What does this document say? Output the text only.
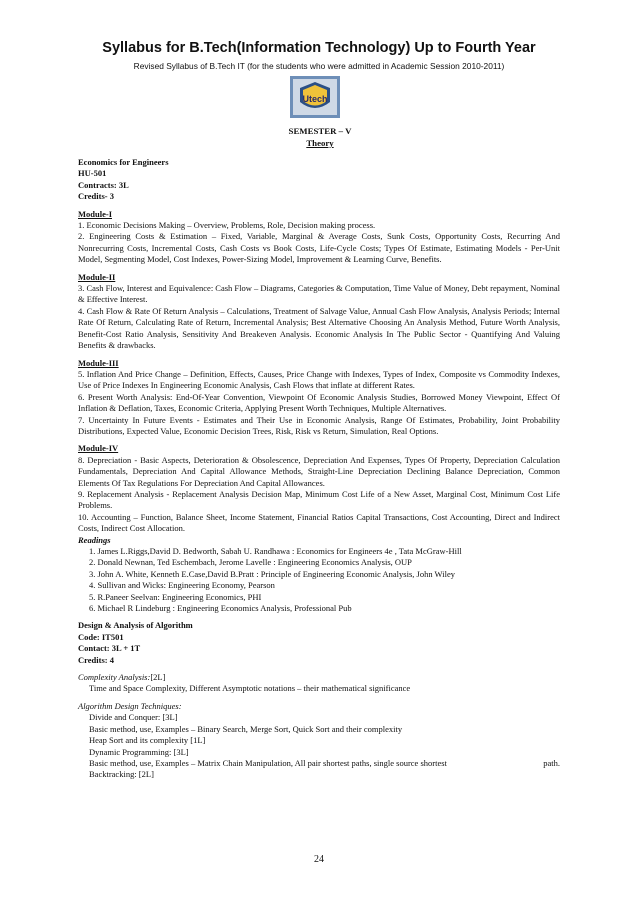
Syllabus for B.Tech(Information Technology) Up to Fourth Year
Revised Syllabus of B.Tech IT (for the students who were admitted in Academic Session 2010-2011)
Utech
SEMESTER – V
Theory
Economics for Engineers
HU-501
Contracts: 3L
Credits- 3
Module-I
1. Economic Decisions Making – Overview, Problems, Role, Decision making process.
2. Engineering Costs & Estimation – Fixed, Variable, Marginal & Average Costs, Sunk Costs, Opportunity Costs, Recurring And Nonrecurring Costs, Incremental Costs, Cash Costs vs Book Costs, Life-Cycle Costs; Types Of Estimate, Estimating Models - Per-Unit Model, Segmenting Model, Cost Indexes, Power-Sizing Model, Improvement & Learning Curve, Benefits.
Module-II
3. Cash Flow, Interest and Equivalence: Cash Flow – Diagrams, Categories & Computation, Time Value of Money, Debt repayment, Nominal & Effective Interest.
4. Cash Flow & Rate Of Return Analysis – Calculations, Treatment of Salvage Value, Annual Cash Flow Analysis, Analysis Periods; Internal Rate Of Return, Calculating Rate of Return, Incremental Analysis; Best Alternative Choosing An Analysis Method, Future Worth Analysis, Benefit-Cost Ratio Analysis, Sensitivity And Breakeven Analysis. Economic Analysis In The Public Sector - Quantifying And Valuing Benefits & drawbacks.
Module-III
5. Inflation And Price Change – Definition, Effects, Causes, Price Change with Indexes, Types of Index, Composite vs Commodity Indexes, Use of Price Indexes In Engineering Economic Analysis, Cash Flows that inflate at different Rates.
6. Present Worth Analysis: End-Of-Year Convention, Viewpoint Of Economic Analysis Studies, Borrowed Money Viewpoint, Effect Of Inflation & Deflation, Taxes, Economic Criteria, Applying Present Worth Techniques, Multiple Alternatives.
7. Uncertainty In Future Events - Estimates and Their Use in Economic Analysis, Range Of Estimates, Probability, Joint Probability Distributions, Expected Value, Economic Decision Trees, Risk, Risk vs Return, Simulation, Real Options.
Module-IV
8. Depreciation - Basic Aspects, Deterioration & Obsolescence, Depreciation And Expenses, Types Of Property, Depreciation Calculation Fundamentals, Depreciation And Capital Allowance Methods, Straight-Line Depreciation Declining Balance Depreciation, Common Elements Of Tax Regulations For Depreciation And Capital Allowances.
9. Replacement Analysis - Replacement Analysis Decision Map, Minimum Cost Life of a New Asset, Marginal Cost, Minimum Cost Life Problems.
10. Accounting – Function, Balance Sheet, Income Statement, Financial Ratios Capital Transactions, Cost Accounting, Direct and Indirect Costs, Indirect Cost Allocation.
Readings
1. James L.Riggs,David D. Bedworth, Sabah U. Randhawa : Economics for Engineers 4e , Tata McGraw-Hill
2. Donald Newnan, Ted Eschembach, Jerome Lavelle : Engineering Economics Analysis, OUP
3. John A. White, Kenneth E.Case,David B.Pratt : Principle of Engineering Economic Analysis, John Wiley
4. Sullivan and Wicks: Engineering Economy, Pearson
5. R.Paneer Seelvan: Engineering Economics, PHI
6. Michael R Lindeburg : Engineering Economics Analysis, Professional Pub
Design & Analysis of Algorithm
Code: IT501
Contact: 3L + 1T
Credits: 4
Complexity Analysis:[2L]
Time and Space Complexity, Different Asymptotic notations – their mathematical significance
Algorithm Design Techniques:
Divide and Conquer: [3L]
Basic method, use, Examples – Binary Search, Merge Sort, Quick Sort and their complexity
Heap Sort and its complexity [1L]
Dynamic Programming: [3L]
Basic method, use, Examples – Matrix Chain Manipulation, All pair shortest paths, single source shortest	path.
Backtracking: [2L]
24
